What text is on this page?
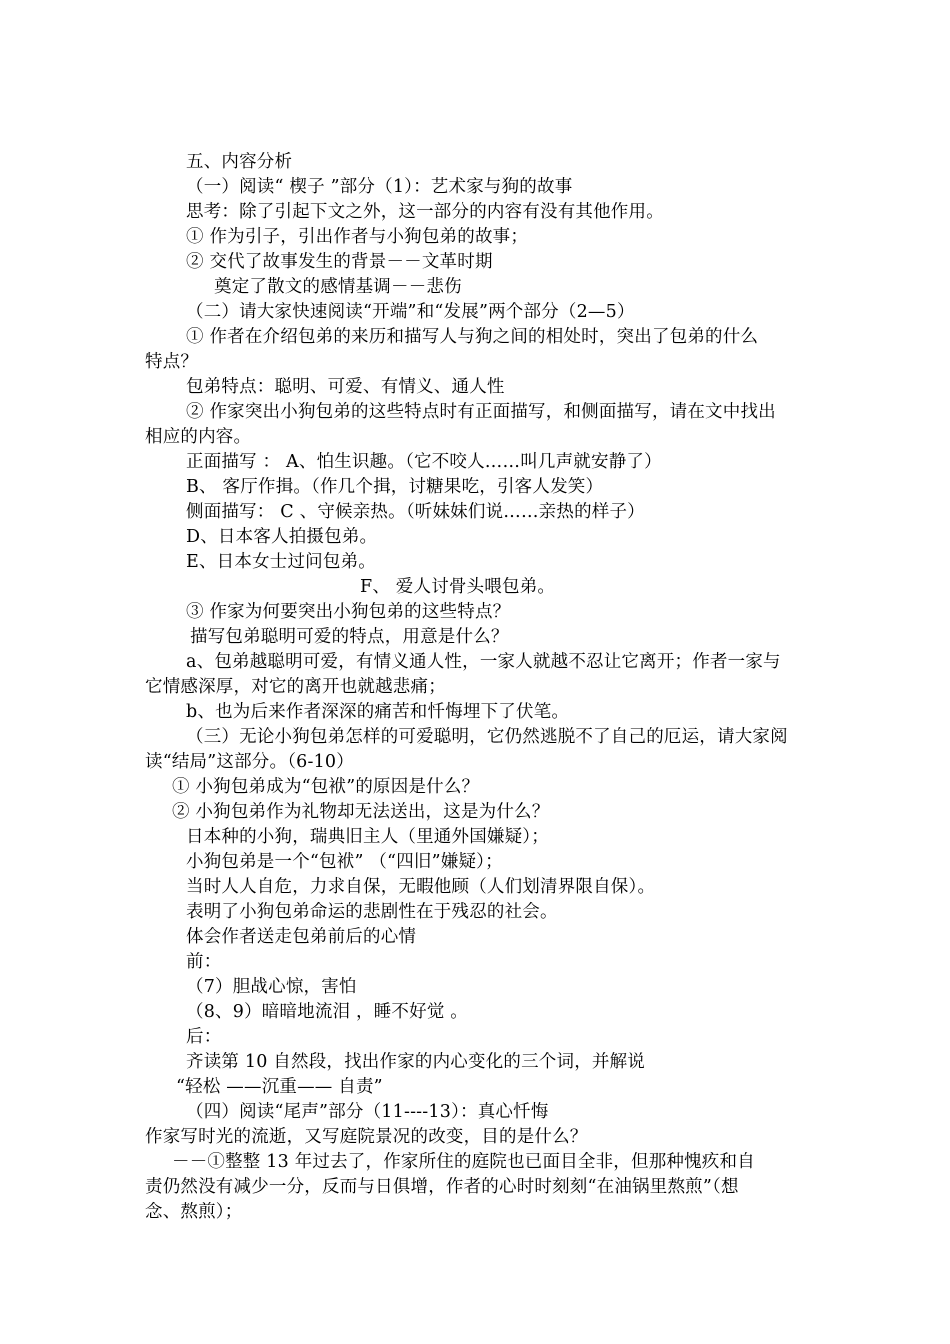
五、内容分析
（一）阅读“ 楔子 ”部分（1）：艺术家与狗的故事
思考：除了引起下文之外，这一部分的内容有没有其他作用。
① 作为引子，引出作者与小狗包弟的故事；
② 交代了故事发生的背景－－文革时期
奠定了散文的感情基调－－悲伤
（二）请大家快速阅读“开端”和“发展”两个部分（2—5）
① 作者在介绍包弟的来历和描写人与狗之间的相处时，突出了包弟的什么
特点？
包弟特点：聪明、可爱、有情义、通人性
② 作家突出小狗包弟的这些特点时有正面描写，和侧面描写，请在文中找出
相应的内容。
正面描写 ： A、怕生识趣。（它不咬人……叫几声就安静了）
B、 客厅作揖。（作几个揖，讨糖果吃，引客人发笑）
侧面描写： C 、守候亲热。（听妹妹们说……亲热的样子）
D、日本客人拍摄包弟。
E、日本女士过问包弟。
F、 爱人讨骨头喂包弟。
③ 作家为何要突出小狗包弟的这些特点？
描写包弟聪明可爱的特点，用意是什么？
a、包弟越聪明可爱，有情义通人性，一家人就越不忍让它离开；作者一家与
它情感深厚，对它的离开也就越悲痛；
b、也为后来作者深深的痛苦和忏悔埋下了伏笔。
（三）无论小狗包弟怎样的可爱聪明，它仍然逃脱不了自己的厄运，请大家阅
读“结局”这部分。（6-10）
① 小狗包弟成为“包袱”的原因是什么？
② 小狗包弟作为礼物却无法送出，这是为什么？
日本种的小狗，瑞典旧主人（里通外国嫌疑）；
小狗包弟是一个“包袱” （“四旧”嫌疑）；
当时人人自危，力求自保，无暇他顾（人们划清界限自保）。
表明了小狗包弟命运的悲剧性在于残忍的社会。
体会作者送走包弟前后的心情
前：
（7）胆战心惊，害怕
（8、9）暗暗地流泪 ，睡不好觉 。
后：
齐读第 10 自然段，找出作家的内心变化的三个词，并解说
“轻松 ——沉重—— 自责”
（四）阅读“尾声”部分（11----13）：真心忏悔
作家写时光的流逝，又写庭院景况的改变，目的是什么？
－－①整整 13 年过去了，作家所住的庭院也已面目全非，但那种愧疚和自
责仍然没有减少一分，反而与日俱增，作者的心时时刻刻“在油锅里熬煎”（想
念、熬煎）；
